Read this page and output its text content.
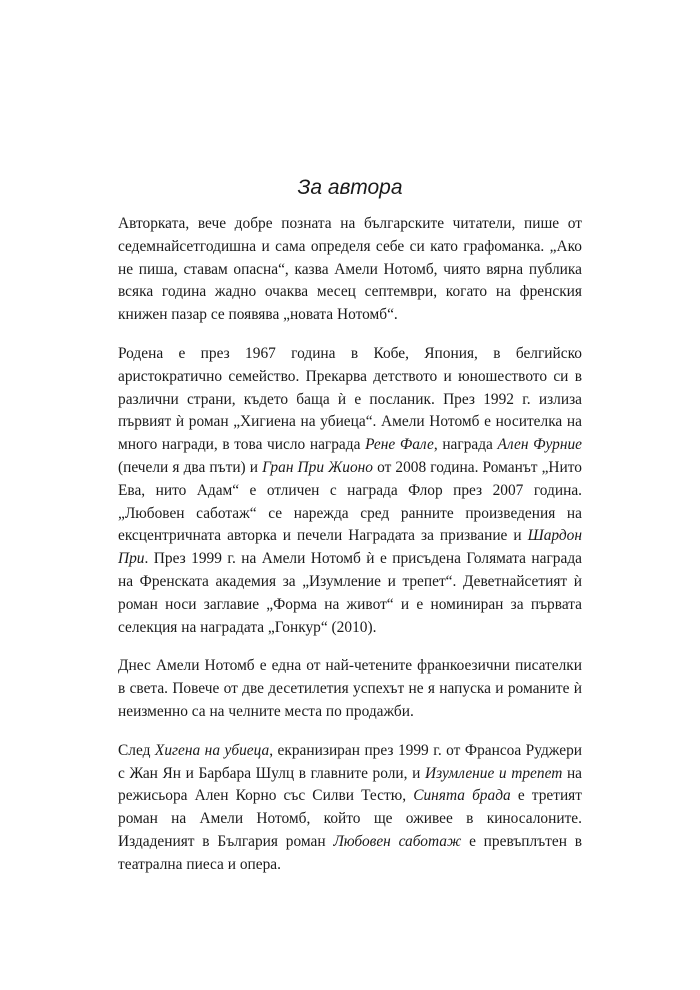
За автора

Авторката, вече добре позната на българските читатели, пише от седемнайсетгодишна и сама определя себе си като графоманка. „Ако не пиша, ставам опасна“, казва Амели Нотомб, чиято вярна публика всяка година жадно очаква месец септември, когато на френския книжен пазар се появява „новата Нотомб“.

Родена е през 1967 година в Кобе, Япония, в белгийско аристократично семейство. Прекарва детството и юношеството си в различни страни, където баща ѝ е посланик. През 1992 г. излиза първият ѝ роман „Хигиена на убиеца“. Амели Нотомб е носителка на много награди, в това число награда Рене Фале, награда Ален Фурние (печели я два пъти) и Гран При Жионо от 2008 година. Романът „Нито Ева, нито Адам“ е отличен с награда Флор през 2007 година. „Любовен саботаж“ се нарежда сред ранните произведения на ексцентричната авторка и печели Наградата за призвание и Шардон При. През 1999 г. на Амели Нотомб ѝ е присъдена Голямата награда на Френската академия за „Изумление и трепет“. Деветнайсетият ѝ роман носи заглавие „Форма на живот“ и е номиниран за първата селекция на наградата „Гонкур“ (2010).

Днес Амели Нотомб е една от най-четените франкоезични писателки в света. Повече от две десетилетия успехът не я напуска и романите ѝ неизменно са на челните места по продажби.

След Хигена на убиеца, екранизиран през 1999 г. от Франсоа Руджери с Жан Ян и Барбара Шулц в главните роли, и Изумление и трепет на режисьора Ален Корно със Силви Тестю, Синята брада е третият роман на Амели Нотомб, който ще оживее в киносалоните. Издаденият в България роман Любовен саботаж е превъплътен в театрална пиеса и опера.
